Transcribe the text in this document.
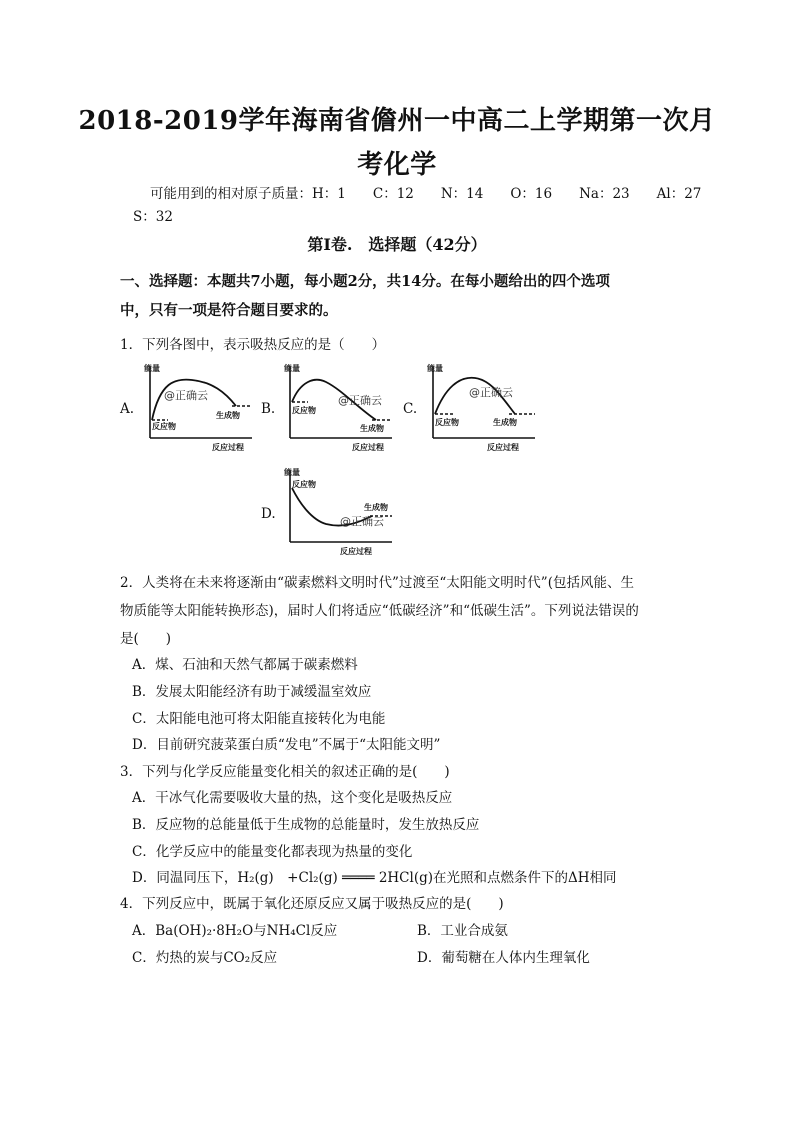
2018-2019学年海南省儋州一中高二上学期第一次月
考化学
可能用到的相对原子质量：H：1　　C：12　　N：14　　O：16　　Na：23　　Al：27
S：32
第Ⅰ卷.　选择题（42分）
一、选择题：本题共7小题，每小题2分，共14分。在每小题给出的四个选项
中，只有一项是符合题目要求的。
1．下列各图中，表示吸热反应的是（　　）
A.
能量
反应物
生成物
@正确云
反应过程
B.
能量
反应物
生成物
@正确云
反应过程
C.
能量
反应物	生成物
@正确云
反应过程
D.
能量
反应物
生成物
@正确云
反应过程
2．人类将在未来将逐渐由“碳素燃料文明时代”过渡至“太阳能文明时代”(包括风能、生
物质能等太阳能转换形态)，届时人们将适应“低碳经济”和“低碳生活”。下列说法错误的
是(　　)
A．煤、石油和天然气都属于碳素燃料
B．发展太阳能经济有助于减缓温室效应
C．太阳能电池可将太阳能直接转化为电能
D．目前研究菠菜蛋白质“发电”不属于“太阳能文明”
3．下列与化学反应能量变化相关的叙述正确的是(　　)
A．干冰气化需要吸收大量的热，这个变化是吸热反应
B．反应物的总能量低于生成物的总能量时，发生放热反应
C．化学反应中的能量变化都表现为热量的变化
D．同温同压下，H₂(g)　+Cl₂(g) ════ 2HCl(g)在光照和点燃条件下的ΔH相同
4．下列反应中，既属于氧化还原反应又属于吸热反应的是(　　)
A．Ba(OH)₂·8H₂O与NH₄Cl反应	B．工业合成氨
C．灼热的炭与CO₂反应	D．葡萄糖在人体内生理氧化
